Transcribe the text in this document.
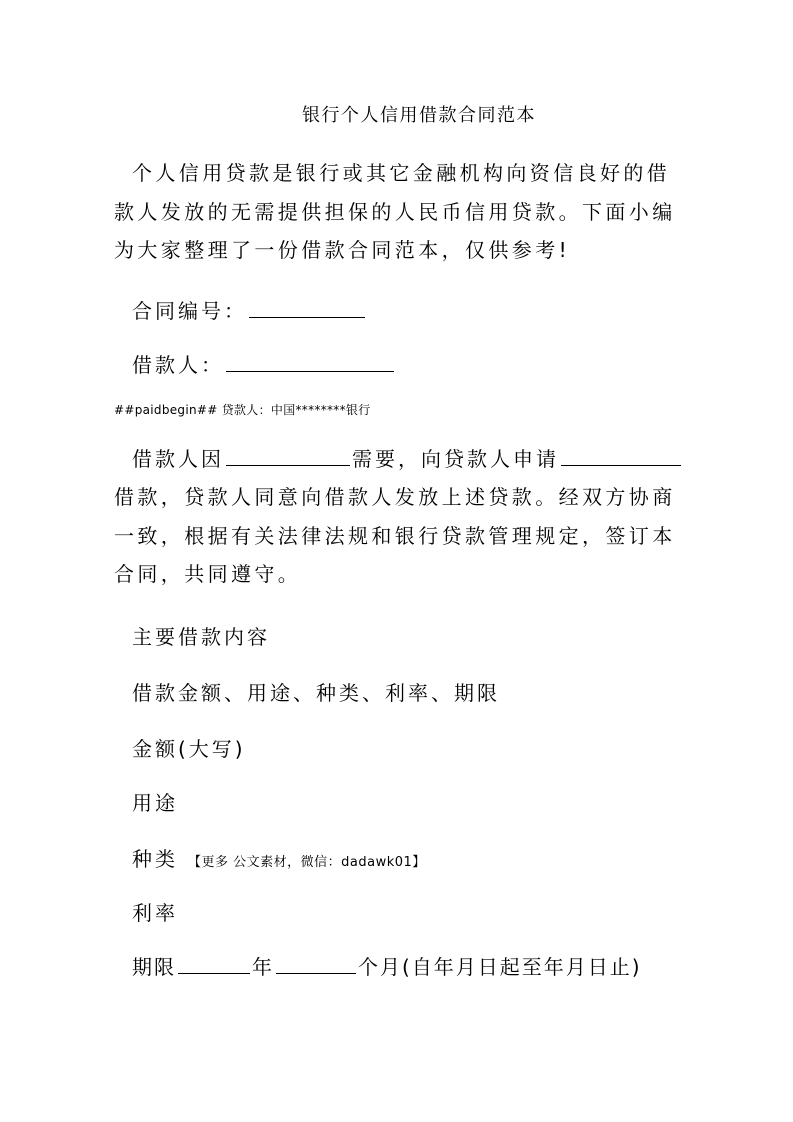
银行个人信用借款合同范本

个人信用贷款是银行或其它金融机构向资信良好的借款人发放的无需提供担保的人民币信用贷款。下面小编为大家整理了一份借款合同范本，仅供参考!

合同编号：
借款人：
##paidbegin## 贷款人：中国********银行
借款人因	需要，向贷款人申请

借款，贷款人同意向借款人发放上述贷款。经双方协商一致，根据有关法律法规和银行贷款管理规定，签订本合同，共同遵守。

主要借款内容
借款金额、用途、种类、利率、期限
金额(大写)
用途
种类 【更多 公文素材，微信：dadawk01】
利率
期限	年	个月(自年月日起至年月日止)
